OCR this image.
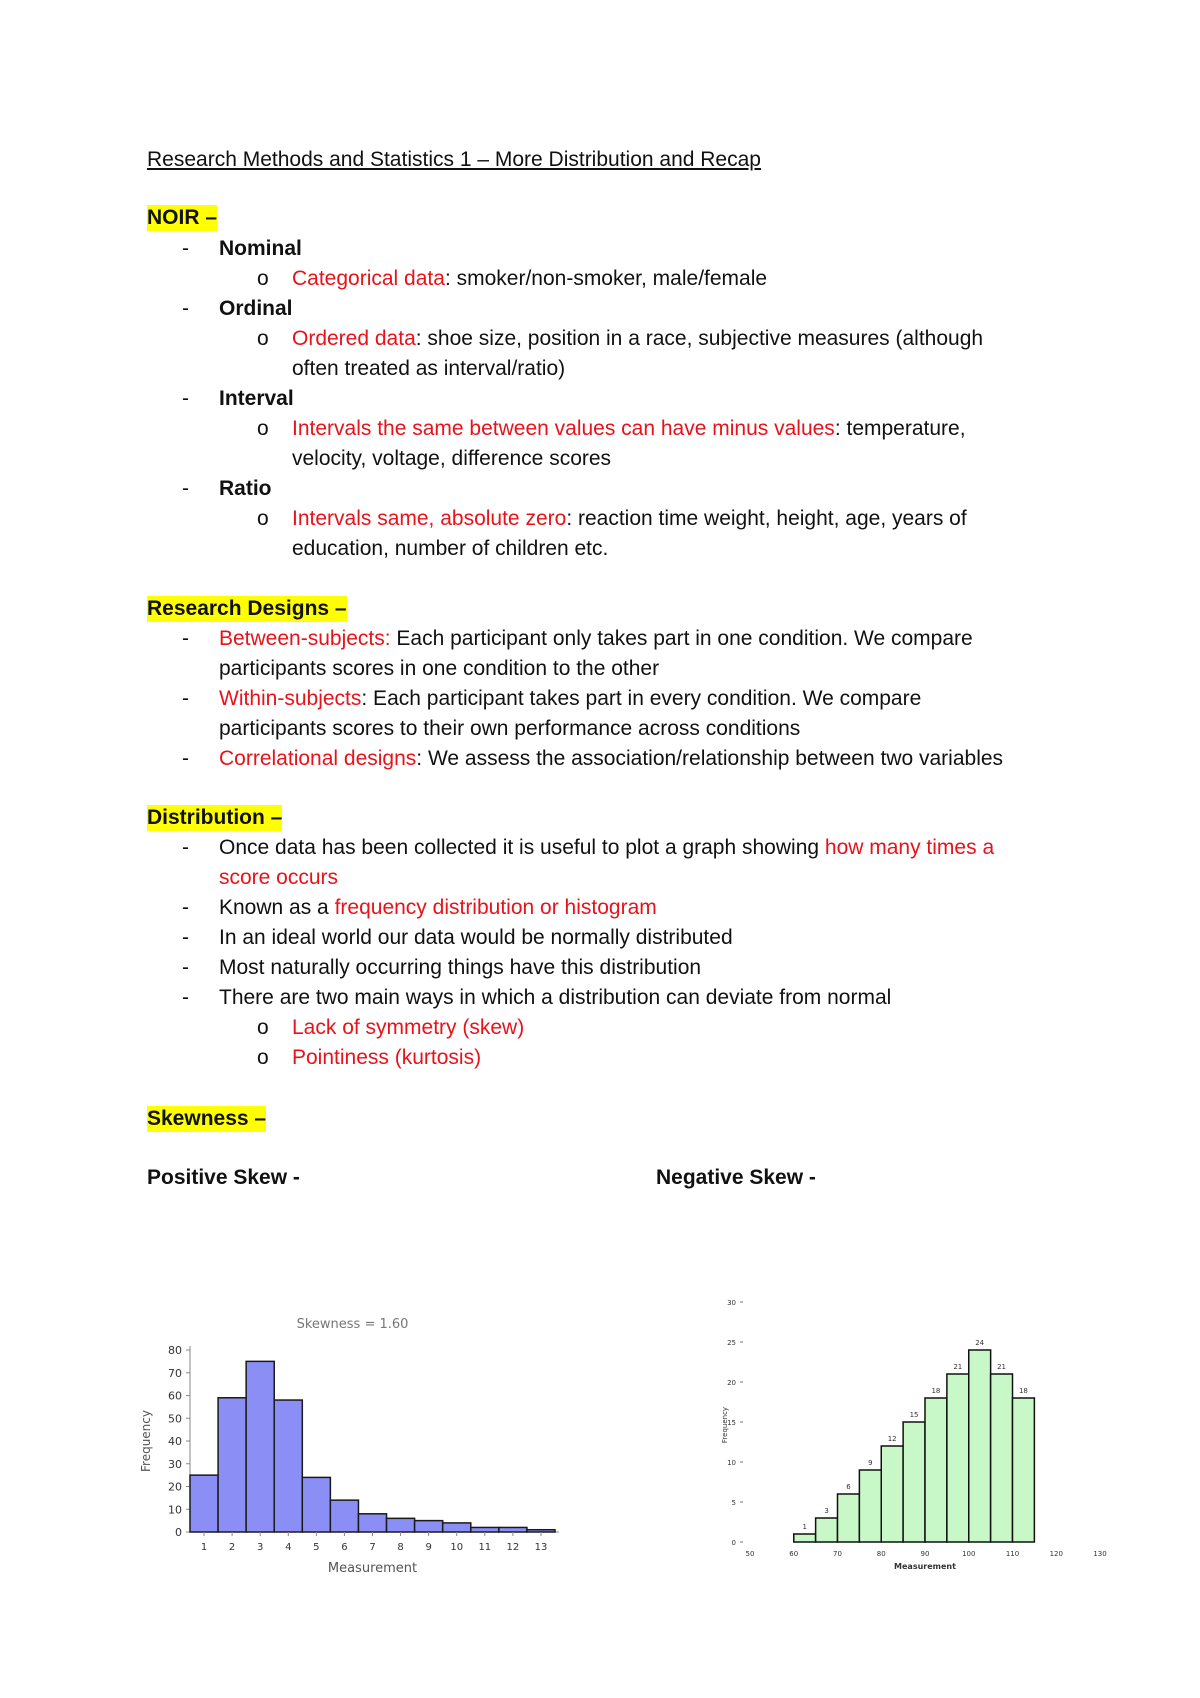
Research Methods and Statistics 1 – More Distribution and Recap
NOIR –
- Nominal
o Categorical data: smoker/non-smoker, male/female
- Ordinal
o Ordered data: shoe size, position in a race, subjective measures (although
often treated as interval/ratio)
- Interval
o Intervals the same between values can have minus values: temperature,
velocity, voltage, difference scores
- Ratio
o Intervals same, absolute zero: reaction time weight, height, age, years of
education, number of children etc.
Research Designs –
- Between-subjects: Each participant only takes part in one condition. We compare
participants scores in one condition to the other
- Within-subjects: Each participant takes part in every condition. We compare
participants scores to their own performance across conditions
- Correlational designs: We assess the association/relationship between two variables
Distribution –
- Once data has been collected it is useful to plot a graph showing how many times a
score occurs
- Known as a frequency distribution or histogram
- In an ideal world our data would be normally distributed
- Most naturally occurring things have this distribution
- There are two main ways in which a distribution can deviate from normal
o Lack of symmetry (skew)
o Pointiness (kurtosis)
Skewness –
Positive Skew -	Negative Skew -
Skewness = 1.60
0
10
20
30
40
50
60
70
80
1 2 3 4 5 6 7 8 9 10 11 12 13
Measurement
Frequency
0
5
10
15
20
25
30
1
3
6
9
12
15
18
21
24
21
18
50	60	70	80	90	100	110	120	130
Measurement
Frequency
